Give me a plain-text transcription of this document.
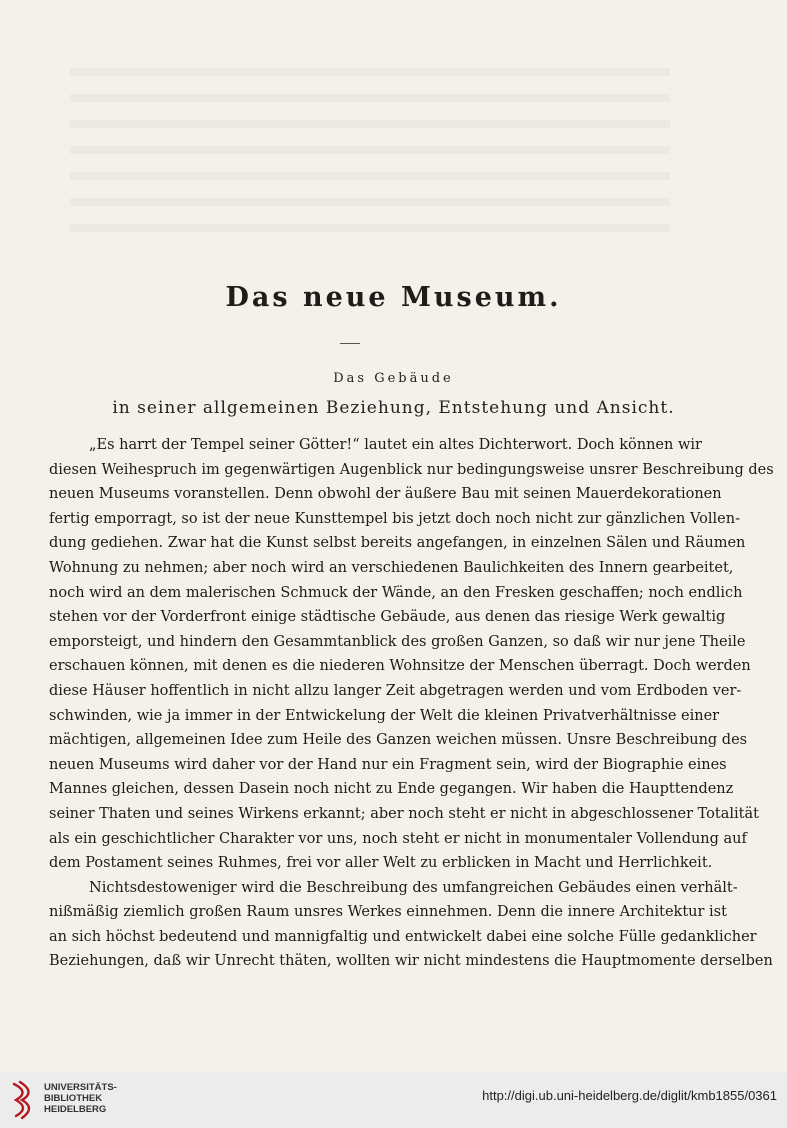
Das neue Museum.
Das Gebäude
in seiner allgemeinen Beziehung, Entstehung und Ansicht.
„Es harrt der Tempel seiner Götter!“ lautet ein altes Dichterwort. Doch können wir
diesen Weihespruch im gegenwärtigen Augenblick nur bedingungsweise unsrer Beschreibung des
neuen Museums voranstellen. Denn obwohl der äußere Bau mit seinen Mauerdekorationen
fertig emporragt, so ist der neue Kunsttempel bis jetzt doch noch nicht zur gänzlichen Vollen-
dung gediehen. Zwar hat die Kunst selbst bereits angefangen, in einzelnen Sälen und Räumen
Wohnung zu nehmen; aber noch wird an verschiedenen Baulichkeiten des Innern gearbeitet,
noch wird an dem malerischen Schmuck der Wände, an den Fresken geschaffen; noch endlich
stehen vor der Vorderfront einige städtische Gebäude, aus denen das riesige Werk gewaltig
emporsteigt, und hindern den Gesammtanblick des großen Ganzen, so daß wir nur jene Theile
erschauen können, mit denen es die niederen Wohnsitze der Menschen überragt. Doch werden
diese Häuser hoffentlich in nicht allzu langer Zeit abgetragen werden und vom Erdboden ver-
schwinden, wie ja immer in der Entwickelung der Welt die kleinen Privatverhältnisse einer
mächtigen, allgemeinen Idee zum Heile des Ganzen weichen müssen. Unsre Beschreibung des
neuen Museums wird daher vor der Hand nur ein Fragment sein, wird der Biographie eines
Mannes gleichen, dessen Dasein noch nicht zu Ende gegangen. Wir haben die Haupttendenz
seiner Thaten und seines Wirkens erkannt; aber noch steht er nicht in abgeschlossener Totalität
als ein geschichtlicher Charakter vor uns, noch steht er nicht in monumentaler Vollendung auf
dem Postament seines Ruhmes, frei vor aller Welt zu erblicken in Macht und Herrlichkeit.
Nichtsdestoweniger wird die Beschreibung des umfangreichen Gebäudes einen verhält-
nißmäßig ziemlich großen Raum unsres Werkes einnehmen. Denn die innere Architektur ist
an sich höchst bedeutend und mannigfaltig und entwickelt dabei eine solche Fülle gedanklicher
Beziehungen, daß wir Unrecht thäten, wollten wir nicht mindestens die Hauptmomente derselben
UNIVERSITÄTS-
BIBLIOTHEK
HEIDELBERG
http://digi.ub.uni-heidelberg.de/diglit/kmb1855/0361
